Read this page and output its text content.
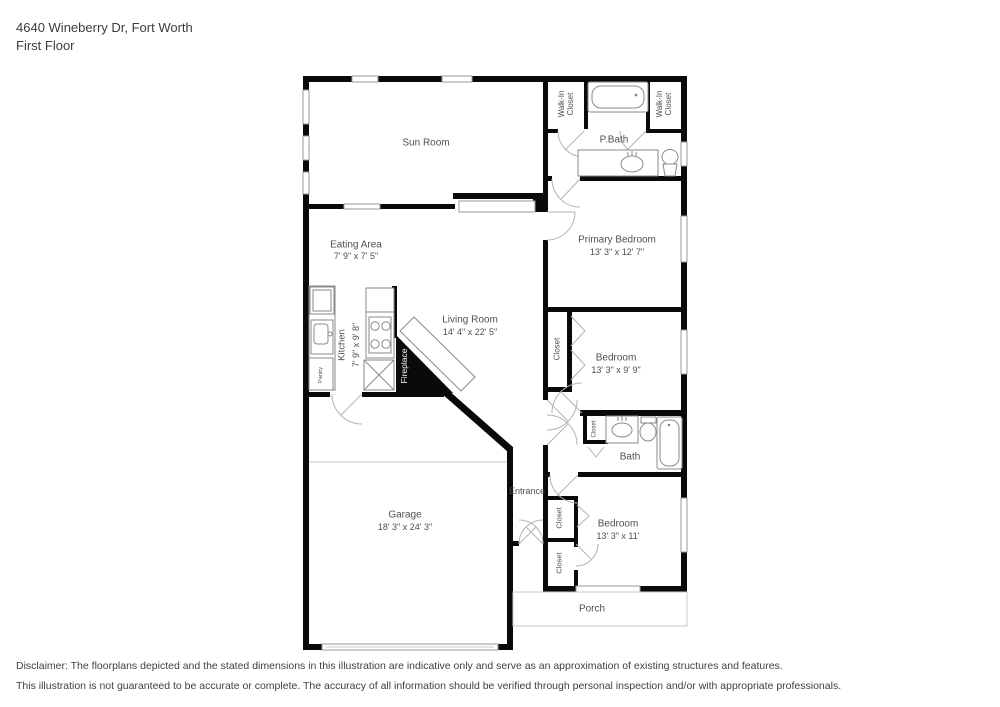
4640 Wineberry Dr, Fort Worth
First Floor
Sun Room
Eating Area
7' 9" x 7' 5"
Kitchen 7' 9" x 9' 8"
Living Room
14' 4" x 22' 5"
Primary Bedroom
13' 3" x 12' 7"
P.Bath
Walk-In Closet	Walk-In Closet
Bedroom
13' 3" x 9' 9"
Closet
Bath
Closet
Entrance
Bedroom
13' 3" x 11'
Closet
Closet
Garage
18' 3" x 24' 3"
Porch
Pantry	Fireplace
Disclaimer: The floorplans depicted and the stated dimensions in this illustration are indicative only and serve as an approximation of existing structures and features.
This illustration is not guaranteed to be accurate or complete. The accuracy of all information should be verified through personal inspection and/or with appropriate professionals.
